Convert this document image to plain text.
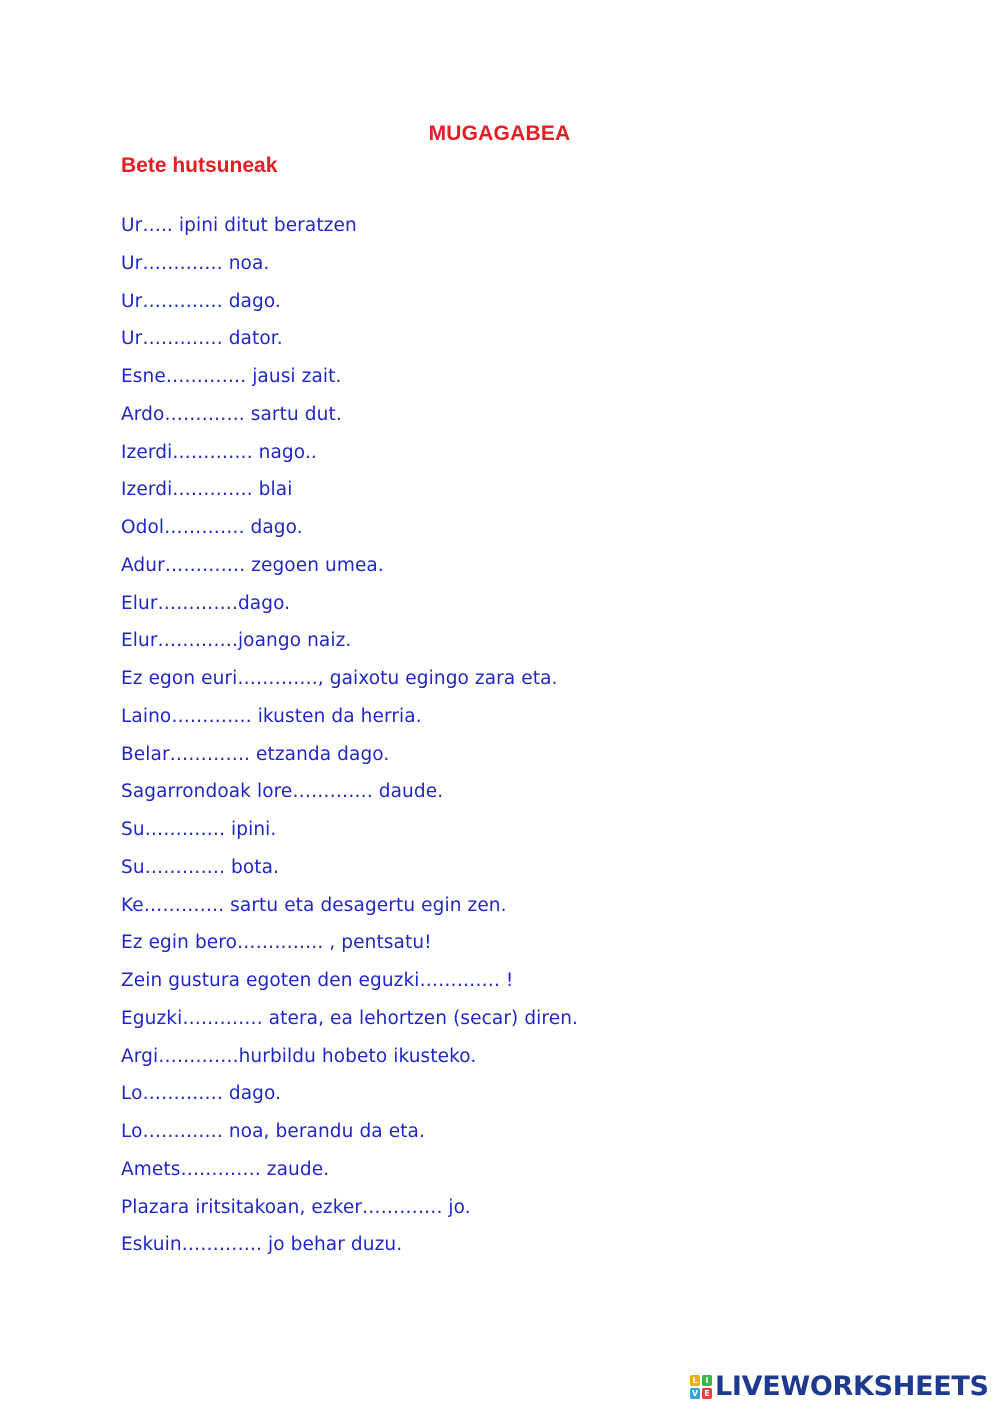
MUGAGABEA
Bete hutsuneak
Ur….. ipini ditut beratzen
Ur…………. noa.
Ur…………. dago.
Ur…………. dator.
Esne…………. jausi zait.
Ardo…………. sartu dut.
Izerdi…………. nago..
Izerdi…………. blai
Odol…………. dago.
Adur…………. zegoen umea.
Elur………….dago.
Elur………….joango naiz.
Ez egon euri…………., gaixotu egingo zara eta.
Laino…………. ikusten da herria.
Belar…………. etzanda dago.
Sagarrondoak lore…………. daude.
Su…………. ipini.
Su…………. bota.
Ke…………. sartu eta desagertu egin zen.
Ez egin bero………….. , pentsatu!
Zein gustura egoten den eguzki…………. !
Eguzki…………. atera, ea lehortzen (secar) diren.
Argi………….hurbildu hobeto ikusteko.
Lo…………. dago.
Lo…………. noa, berandu da eta.
Amets…………. zaude.
Plazara iritsitakoan, ezker…………. jo.
Eskuin…………. jo behar duzu.
L I
V E LIVEWORKSHEETS
